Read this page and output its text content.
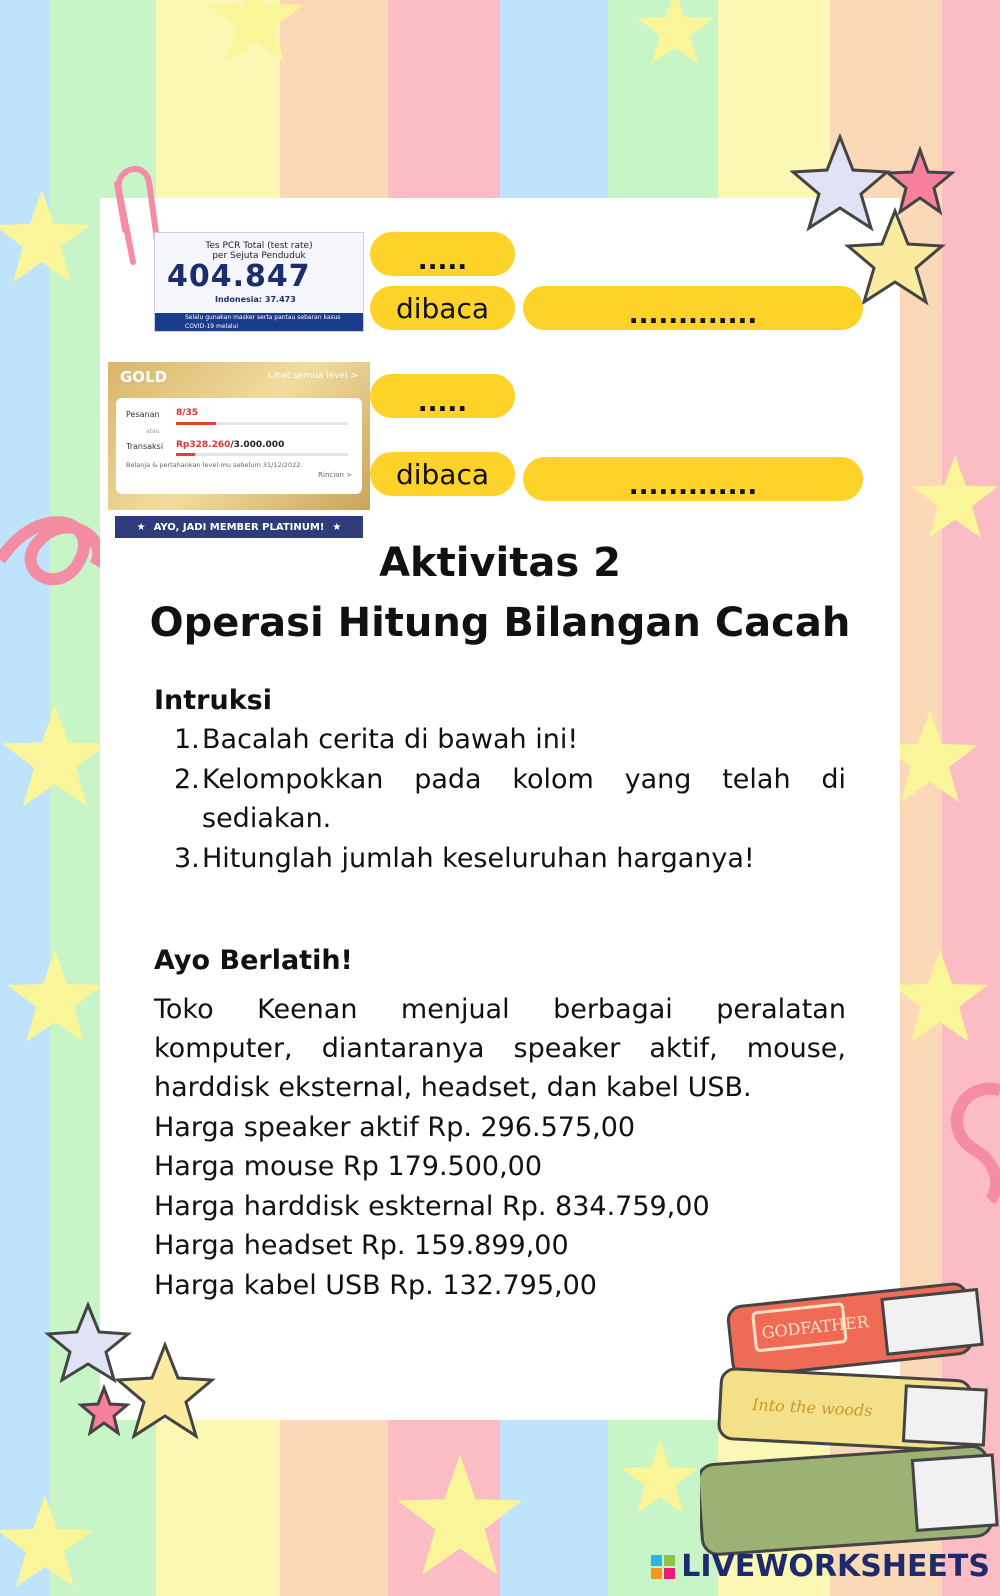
GODFATHER
Into the woods
Tes PCR Total (test rate)
per Sejuta Penduduk
404.847
Indonesia: 37.473
Selalu gunakan masker serta pantau sebaran kasus COVID-19 melalui
.....
dibaca	.............
GOLD	Lihat semua level >
Pesanan 8/35
atau
Transaksi Rp328.260/3.000.000
Belanja & pertahankan level-mu sebelum 31/12/2022.
Rincian >
★ AYO, JADI MEMBER PLATINUM! ★
.....
dibaca	.............
Aktivitas 2
Operasi Hitung Bilangan Cacah
Intruksi
1. Bacalah cerita di bawah ini!
2. Kelompokkan pada kolom yang telah di
sediakan.
3. Hitunglah jumlah keseluruhan harganya!
Ayo Berlatih!
Toko Keenan menjual berbagai peralatan
komputer, diantaranya speaker aktif, mouse,
harddisk eksternal, headset, dan kabel USB.
Harga speaker aktif Rp. 296.575,00
Harga mouse Rp 179.500,00
Harga harddisk eskternal Rp. 834.759,00
Harga headset Rp. 159.899,00
Harga kabel USB Rp. 132.795,00
LIVEWORKSHEETS
